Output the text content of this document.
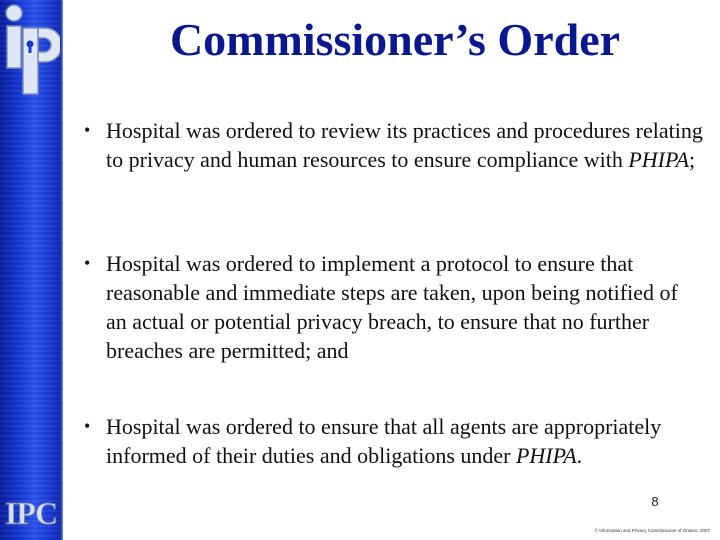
IPC
Commissioner’s Order
• Hospital was ordered to review its practices and procedures relating to privacy and human resources to ensure compliance with PHIPA;
• Hospital was ordered to implement a protocol to ensure that reasonable and immediate steps are taken, upon being notified of an actual or potential privacy breach, to ensure that no further breaches are permitted; and
• Hospital was ordered to ensure that all agents are appropriately informed of their duties and obligations under PHIPA.
8
© Information and Privacy Commissioner of Ontario, 2007
